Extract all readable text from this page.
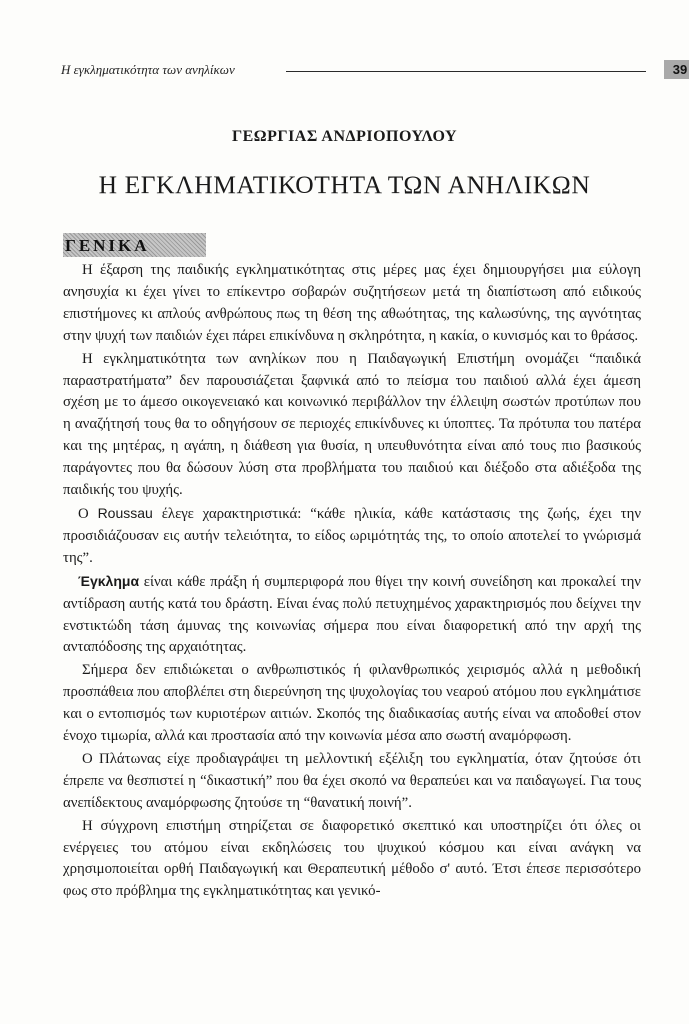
Η εγκληματικότητα των ανηλίκων	39
ΓΕΩΡΓΙΑΣ ΑΝΔΡΙΟΠΟΥΛΟΥ
Η ΕΓΚΛΗΜΑΤΙΚΟΤΗΤΑ ΤΩΝ ΑΝΗΛΙΚΩΝ
ΓΕΝΙΚΑ

Η έξαρση της παιδικής εγκληματικότητας στις μέρες μας έχει δημιουργήσει μια εύλογη ανησυχία κι έχει γίνει το επίκεντρο σοβαρών συζητήσεων μετά τη διαπίστωση από ειδικούς επιστήμονες κι απλούς ανθρώπους πως τη θέση της αθωότητας, της καλωσύνης, της αγνότητας στην ψυχή των παιδιών έχει πάρει επικίνδυνα η σκληρότητα, η κακία, ο κυνισμός και το θράσος.

Η εγκληματικότητα των ανηλίκων που η Παιδαγωγική Επιστήμη ονομάζει “παιδικά παραστρατήματα” δεν παρουσιάζεται ξαφνικά από το πείσμα του παιδιού αλλά έχει άμεση σχέση με το άμεσο οικογενειακό και κοινωνικό περιβάλλον την έλλειψη σωστών προτύπων που η αναζήτησή τους θα το οδηγήσουν σε περιοχές επικίνδυνες κι ύποπτες. Τα πρότυπα του πατέρα και της μητέρας, η αγάπη, η διάθεση για θυσία, η υπευθυνότητα είναι από τους πιο βασικούς παράγοντες που θα δώσουν λύση στα προβλήματα του παιδιού και διέξοδο στα αδιέξοδα της παιδικής του ψυχής.

Ο Roussau έλεγε χαρακτηριστικά: “κάθε ηλικία, κάθε κατάστασις της ζωής, έχει την προσιδιάζουσαν εις αυτήν τελειότητα, το είδος ωριμότητάς της, το οποίο αποτελεί το γνώρισμά της”.

Έγκλημα είναι κάθε πράξη ή συμπεριφορά που θίγει την κοινή συνείδηση και προκαλεί την αντίδραση αυτής κατά του δράστη. Είναι ένας πολύ πετυχημένος χαρακτηρισμός που δείχνει την ενστικτώδη τάση άμυνας της κοινωνίας σήμερα που είναι διαφορετική από την αρχή της ανταπόδοσης της αρχαιότητας.

Σήμερα δεν επιδιώκεται ο ανθρωπιστικός ή φιλανθρωπικός χειρισμός αλλά η μεθοδική προσπάθεια που αποβλέπει στη διερεύνηση της ψυχολογίας του νεαρού ατόμου που εγκλημάτισε και ο εντοπισμός των κυριοτέρων αιτιών. Σκοπός της διαδικασίας αυτής είναι να αποδοθεί στον ένοχο τιμωρία, αλλά και προστασία από την κοινωνία μέσα απο σωστή αναμόρφωση.

Ο Πλάτωνας είχε προδιαγράψει τη μελλοντική εξέλιξη του εγκληματία, όταν ζητούσε ότι έπρεπε να θεσπιστεί η “δικαστική” που θα έχει σκοπό να θεραπεύει και να παιδαγωγεί. Για τους ανεπίδεκτους αναμόρφωσης ζητούσε τη “θανατική ποινή”.

Η σύγχρονη επιστήμη στηρίζεται σε διαφορετικό σκεπτικό και υποστηρίζει ότι όλες οι ενέργειες του ατόμου είναι εκδηλώσεις του ψυχικού κόσμου και είναι ανάγκη να χρησιμοποιείται ορθή Παιδαγωγική και Θεραπευτική μέθοδο σ' αυτό. Έτσι έπεσε περισσότερο φως στο πρόβλημα της εγκληματικότητας και γενικό-
